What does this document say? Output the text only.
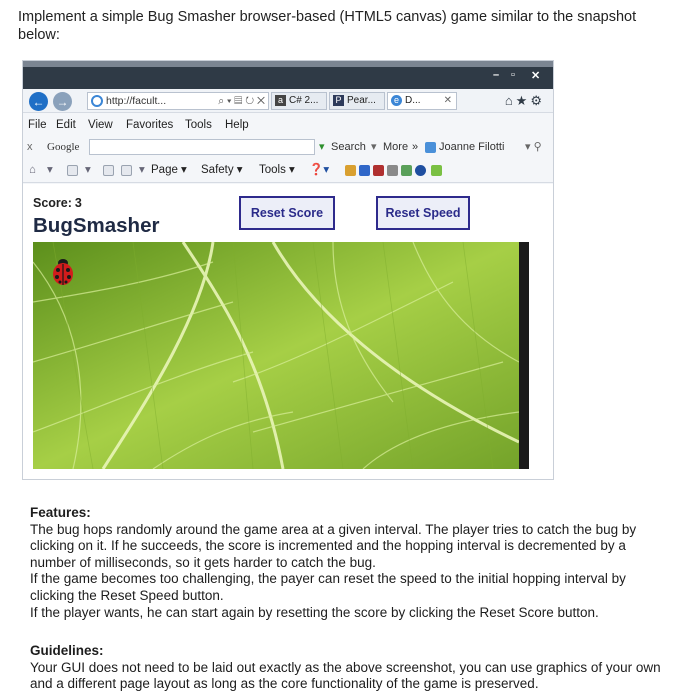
Implement a simple Bug Smasher browser-based (HTML5 canvas) game similar to the snapshot below:
– ▫ ✕
← →	http://facult...	⌕ ▾ ▤ ↻ ✕	a C# 2...	P Pear...	e D... ✕	⌂★⚙
File Edit View Favorites Tools Help
x Google	▾ Search ▾ More » Joanne Filotti ▾ ⚲
⌂ ▾	▾	▾ Page ▾ Safety ▾ Tools ▾ ❓▾
Score: 3
BugSmasher
Reset Score	Reset Speed
Features:
The bug hops randomly around the game area at a given interval. The player tries to catch the bug by clicking on it. If he succeeds, the score is incremented and the hopping interval is decremented by a number of milliseconds, so it gets harder to catch the bug.
If the game becomes too challenging, the payer can reset the speed to the initial hopping interval by clicking the Reset Speed button.
If the player wants, he can start again by resetting the score by clicking the Reset Score button.
Guidelines:
Your GUI does not need to be laid out exactly as the above screenshot, you can use graphics of your own and a different page layout as long as the core functionality of the game is preserved.
